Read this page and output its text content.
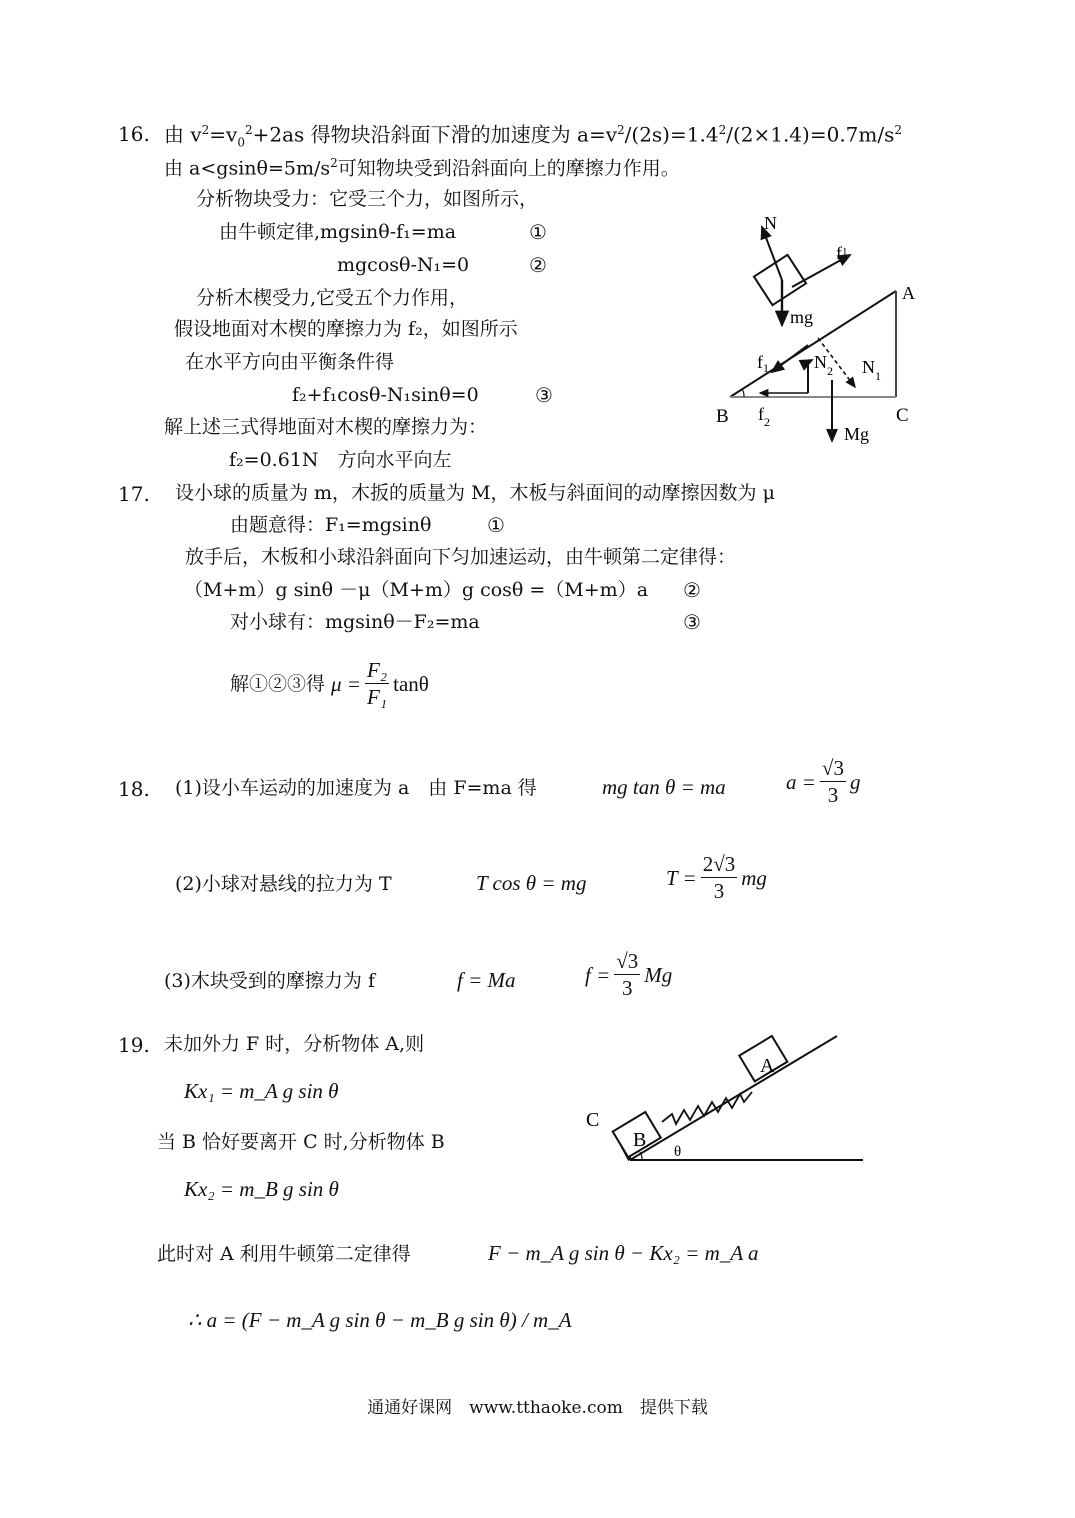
16. 由 $v^2=v_0^2+2as$ 得物块沿斜面下滑的加速度为 $a=v^2/(2s)=1.4^2/(2\times 1.4)=0.7m/s^2$
由 $a<gsin\theta=5m/s^2$可知物块受到沿斜面向上的摩擦力作用。
分析物块受力：它受三个力，如图所示，
由牛顿定律,mgsinθ-f₁=ma	①
mgcosθ-N₁=0	②
分析木楔受力,它受五个力作用，
假设地面对木楔的摩擦力为 f₂，如图所示
在水平方向由平衡条件得
f₂+f₁cosθ-N₁sinθ=0	③
解上述三式得地面对木楔的摩擦力为：
f₂=0.61N　方向水平向左
N
$f^1$
mg
A
$f_1$	$N_2$ $N_1$
B $f_2$	C
Mg
17. 设小球的质量为 m，木扳的质量为 M，木板与斜面间的动摩擦因数为 μ
由题意得：F₁=mgsinθ	①
放手后，木板和小球沿斜面向下匀加速运动，由牛顿第二定律得：
（M+m）g sinθ －μ（M+m）g cosθ =（M+m）a ②
对小球有：mgsinθ－F₂=ma	③
解①②③得 $\mu = \frac{\text{F₂}}{\text{F₁}}$ tanθ
18. (1)设小车运动的加速度为 a　由 F=ma 得	mg tan θ = ma	$a = \frac{√3}{3}$ g
(2)小球对悬线的拉力为 T	T cos θ = mg	$T = \frac{2√3}{3}$ mg
(3)木块受到的摩擦力为 f	f = Ma	$f = \frac{√3}{3}$ Mg
19. 未加外力 F 时，分析物体 A,则
Kx₁ = m_A g sin θ
当 B 恰好要离开 C 时,分析物体 B
Kx₂ = m_B g sin θ
此时对 A 利用牛顿第二定律得	F − m_A g sin θ − Kx₂ = m_A a
∴ a = (F − m_A g sin θ − m_B g sin θ) / m_A
A
B
C
θ
通通好课网　www.tthaoke.com　提供下载
